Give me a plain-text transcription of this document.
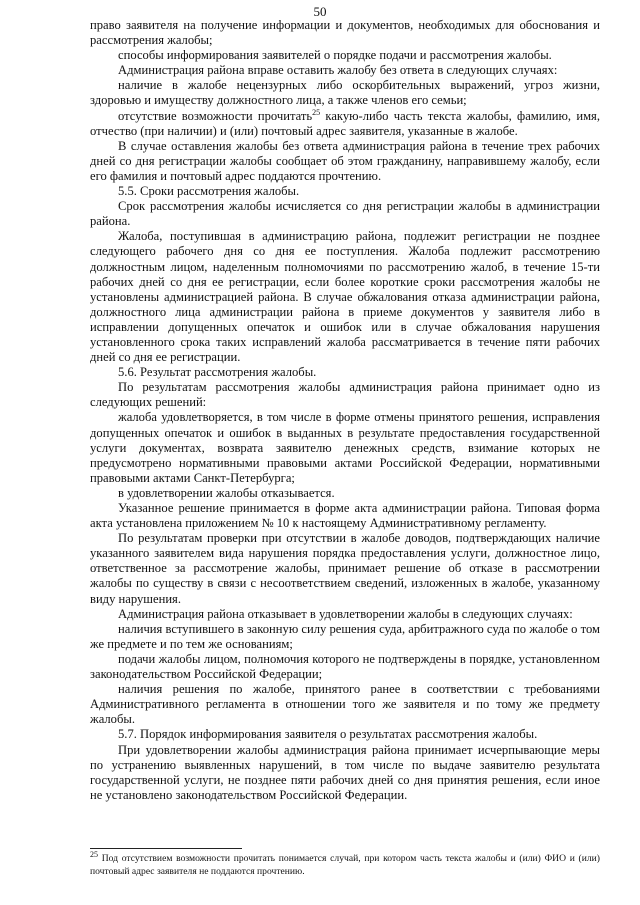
50

право заявителя на получение информации и документов, необходимых для обоснования и рассмотрения жалобы;

способы информирования заявителей о порядке подачи и рассмотрения жалобы.

Администрация района вправе оставить жалобу без ответа в следующих случаях:

наличие в жалобе нецензурных либо оскорбительных выражений, угроз жизни, здоровью и имуществу должностного лица, а также членов его семьи;

отсутствие возможности прочитать$^{25}$ какую-либо часть текста жалобы, фамилию, имя, отчество (при наличии) и (или) почтовый адрес заявителя, указанные в жалобе.

В случае оставления жалобы без ответа администрация района в течение трех рабочих дней со дня регистрации жалобы сообщает об этом гражданину, направившему жалобу, если его фамилия и почтовый адрес поддаются прочтению.

5.5. Сроки рассмотрения жалобы.

Срок рассмотрения жалобы исчисляется со дня регистрации жалобы в администрации района.

Жалоба, поступившая в администрацию района, подлежит регистрации не позднее следующего рабочего дня со дня ее поступления. Жалоба подлежит рассмотрению должностным лицом, наделенным полномочиями по рассмотрению жалоб, в течение 15-ти рабочих дней со дня ее регистрации, если более короткие сроки рассмотрения жалобы не установлены администрацией района. В случае обжалования отказа администрации района, должностного лица администрации района в приеме документов у заявителя либо в исправлении допущенных опечаток и ошибок или в случае обжалования нарушения установленного срока таких исправлений жалоба рассматривается в течение пяти рабочих дней со дня ее регистрации.

5.6. Результат рассмотрения жалобы.

По результатам рассмотрения жалобы администрация района принимает одно из следующих решений:

жалоба удовлетворяется, в том числе в форме отмены принятого решения, исправления допущенных опечаток и ошибок в выданных в результате предоставления государственной услуги документах, возврата заявителю денежных средств, взимание которых не предусмотрено нормативными правовыми актами Российской Федерации, нормативными правовыми актами Санкт-Петербурга;

в удовлетворении жалобы отказывается.

Указанное решение принимается в форме акта администрации района. Типовая форма акта установлена приложением № 10 к настоящему Административному регламенту.

По результатам проверки при отсутствии в жалобе доводов, подтверждающих наличие указанного заявителем вида нарушения порядка предоставления услуги, должностное лицо, ответственное за рассмотрение жалобы, принимает решение об отказе в рассмотрении жалобы по существу в связи с несоответствием сведений, изложенных в жалобе, указанному виду нарушения.

Администрация района отказывает в удовлетворении жалобы в следующих случаях:

наличия вступившего в законную силу решения суда, арбитражного суда по жалобе о том же предмете и по тем же основаниям;

подачи жалобы лицом, полномочия которого не подтверждены в порядке, установленном законодательством Российской Федерации;

наличия решения по жалобе, принятого ранее в соответствии с требованиями Административного регламента в отношении того же заявителя и по тому же предмету жалобы.

5.7. Порядок информирования заявителя о результатах рассмотрения жалобы.

При удовлетворении жалобы администрация района принимает исчерпывающие меры по устранению выявленных нарушений, в том числе по выдаче заявителю результата государственной услуги, не позднее пяти рабочих дней со дня принятия решения, если иное не установлено законодательством Российской Федерации.

$^{25}$ Под отсутствием возможности прочитать понимается случай, при котором часть текста жалобы и (или) ФИО и (или) почтовый адрес заявителя не поддаются прочтению.
